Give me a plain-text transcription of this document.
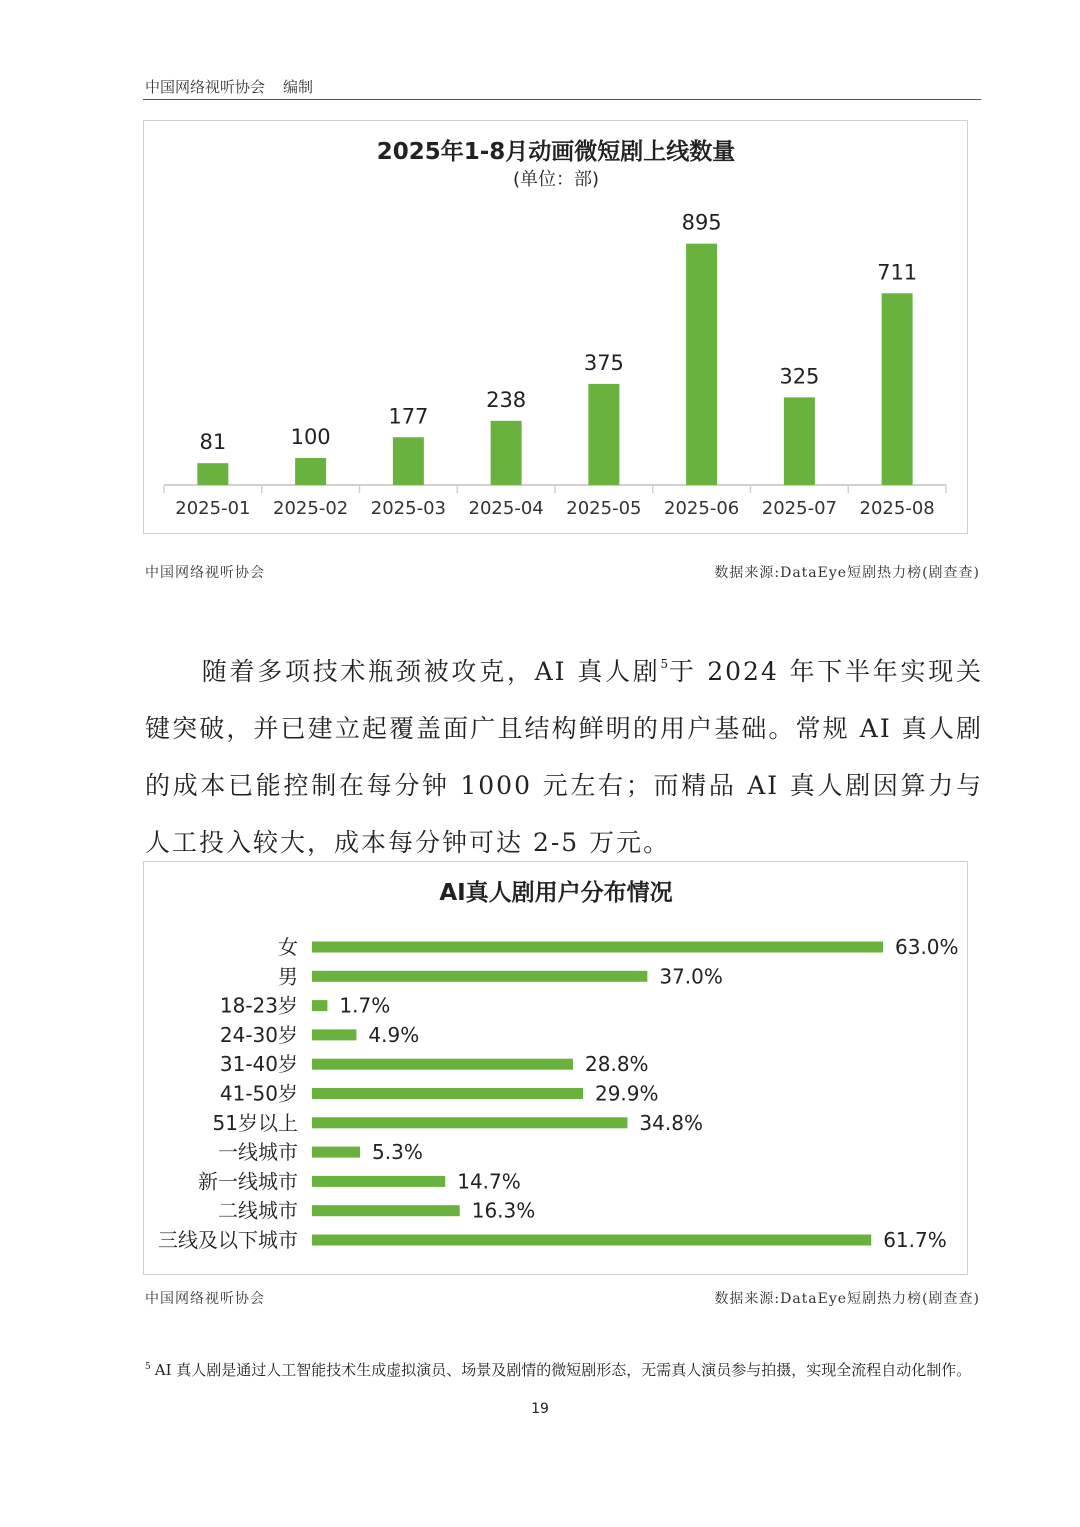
中国网络视听协会 编制
2025年1-8月动画微短剧上线数量
(单位：部)
81
2025-01
100
2025-02
177
2025-03
238
2025-04
375
2025-05
895
2025-06
325
2025-07
711
2025-08
中国网络视听协会	数据来源:DataEye短剧热力榜(剧查查)
随着多项技术瓶颈被攻克，AI 真人剧$^5$于 2024 年下半年实现关键突破，并已建立起覆盖面广且结构鲜明的用户基础。常规 AI 真人剧的成本已能控制在每分钟 1000 元左右；而精品 AI 真人剧因算力与人工投入较大，成本每分钟可达 2-5 万元。
AI真人剧用户分布情况
女	63.0%
男	37.0%
18-23岁 1.7%
24-30岁	4.9%
31-40岁	28.8%
41-50岁	29.9%
51岁以上	34.8%
一线城市	5.3%
新一线城市	14.7%
二线城市	16.3%
三线及以下城市	61.7%
中国网络视听协会	数据来源:DataEye短剧热力榜(剧查查)
$^5$ AI 真人剧是通过人工智能技术生成虚拟演员、场景及剧情的微短剧形态，无需真人演员参与拍摄，实现全流程自动化制作。
19
